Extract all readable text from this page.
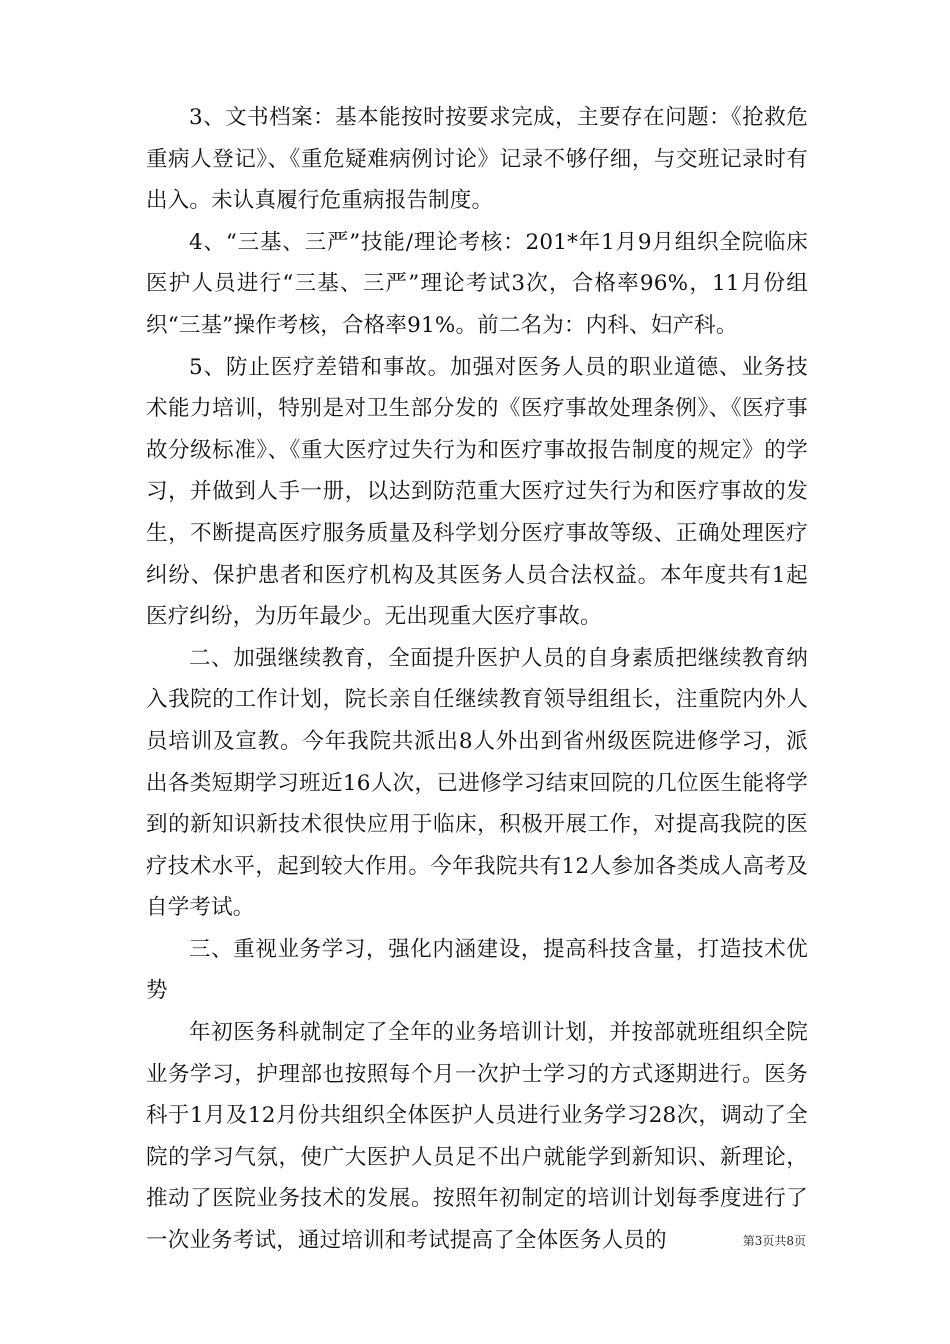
3、文书档案：基本能按时按要求完成，主要存在问题：《抢救危重病人登记》、《重危疑难病例讨论》记录不够仔细，与交班记录时有出入。未认真履行危重病报告制度。

4、“三基、三严”技能/理论考核：201*年1月9月组织全院临床医护人员进行“三基、三严”理论考试3次，合格率96%，11月份组织“三基”操作考核，合格率91%。前二名为：内科、妇产科。

5、防止医疗差错和事故。加强对医务人员的职业道德、业务技术能力培训，特别是对卫生部分发的《医疗事故处理条例》、《医疗事故分级标准》、《重大医疗过失行为和医疗事故报告制度的规定》的学习，并做到人手一册，以达到防范重大医疗过失行为和医疗事故的发生，不断提高医疗服务质量及科学划分医疗事故等级、正确处理医疗纠纷、保护患者和医疗机构及其医务人员合法权益。本年度共有1起医疗纠纷，为历年最少。无出现重大医疗事故。

二、加强继续教育，全面提升医护人员的自身素质把继续教育纳入我院的工作计划，院长亲自任继续教育领导组组长，注重院内外人员培训及宣教。今年我院共派出8人外出到省州级医院进修学习，派出各类短期学习班近16人次，已进修学习结束回院的几位医生能将学到的新知识新技术很快应用于临床，积极开展工作，对提高我院的医疗技术水平，起到较大作用。今年我院共有12人参加各类成人高考及自学考试。

三、重视业务学习，强化内涵建设，提高科技含量，打造技术优势

年初医务科就制定了全年的业务培训计划，并按部就班组织全院业务学习，护理部也按照每个月一次护士学习的方式逐期进行。医务科于1月及12月份共组织全体医护人员进行业务学习28次，调动了全院的学习气氛，使广大医护人员足不出户就能学到新知识、新理论，推动了医院业务技术的发展。按照年初制定的培训计划每季度进行了一次业务考试，通过培训和考试提高了全体医务人员的	第3页共8页
